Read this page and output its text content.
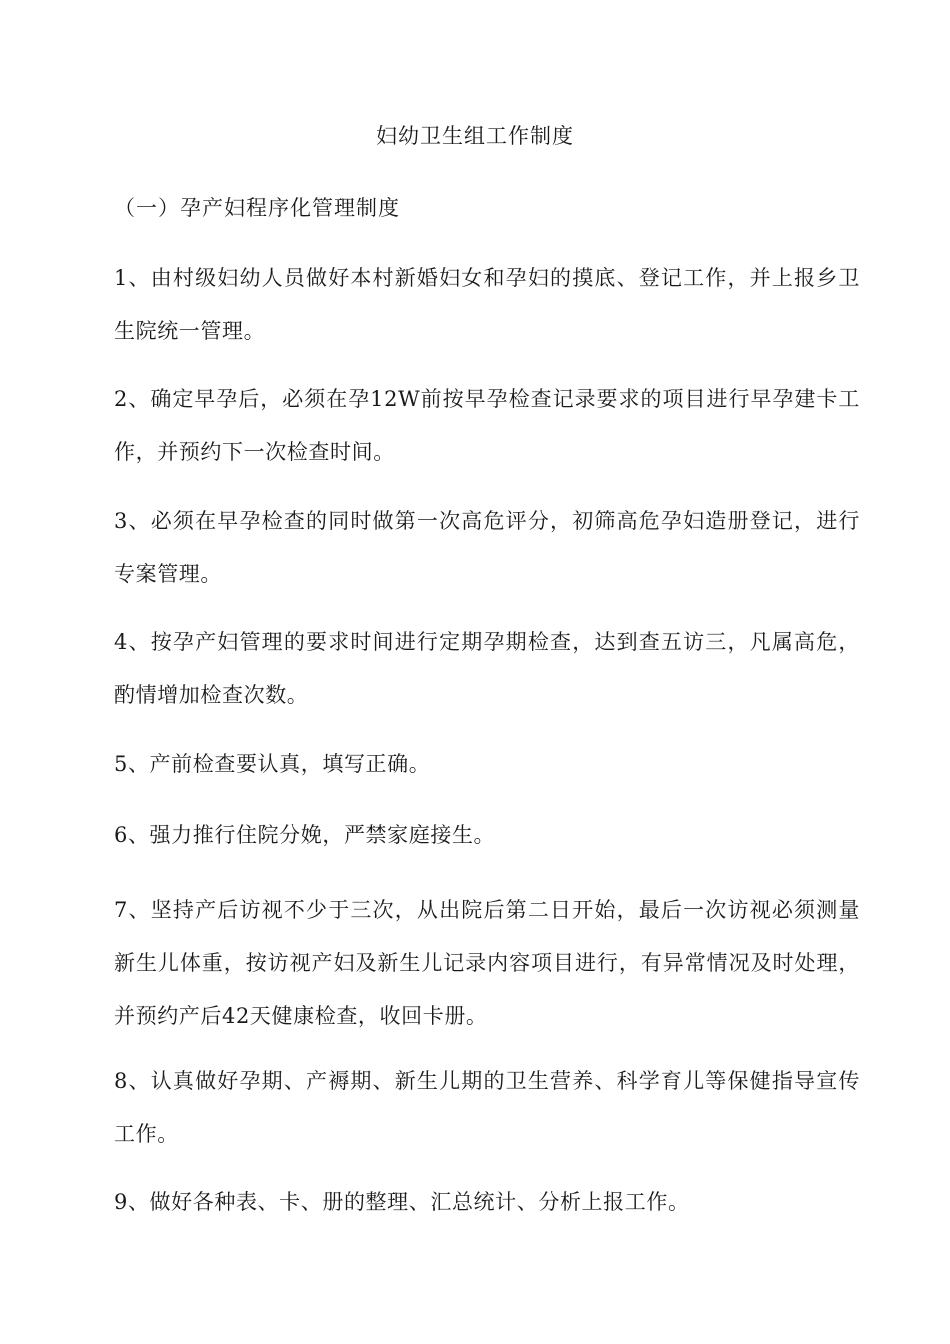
妇幼卫生组工作制度
（一）孕产妇程序化管理制度

1、由村级妇幼人员做好本村新婚妇女和孕妇的摸底、登记工作，并上报乡卫生院统一管理。

2、确定早孕后，必须在孕12W前按早孕检查记录要求的项目进行早孕建卡工作，并预约下一次检查时间。

3、必须在早孕检查的同时做第一次高危评分，初筛高危孕妇造册登记，进行专案管理。

4、按孕产妇管理的要求时间进行定期孕期检查，达到查五访三，凡属高危，酌情增加检查次数。

5、产前检查要认真，填写正确。

6、强力推行住院分娩，严禁家庭接生。

7、坚持产后访视不少于三次，从出院后第二日开始，最后一次访视必须测量新生儿体重，按访视产妇及新生儿记录内容项目进行，有异常情况及时处理，并预约产后42天健康检查，收回卡册。

8、认真做好孕期、产褥期、新生儿期的卫生营养、科学育儿等保健指导宣传工作。

9、做好各种表、卡、册的整理、汇总统计、分析上报工作。
